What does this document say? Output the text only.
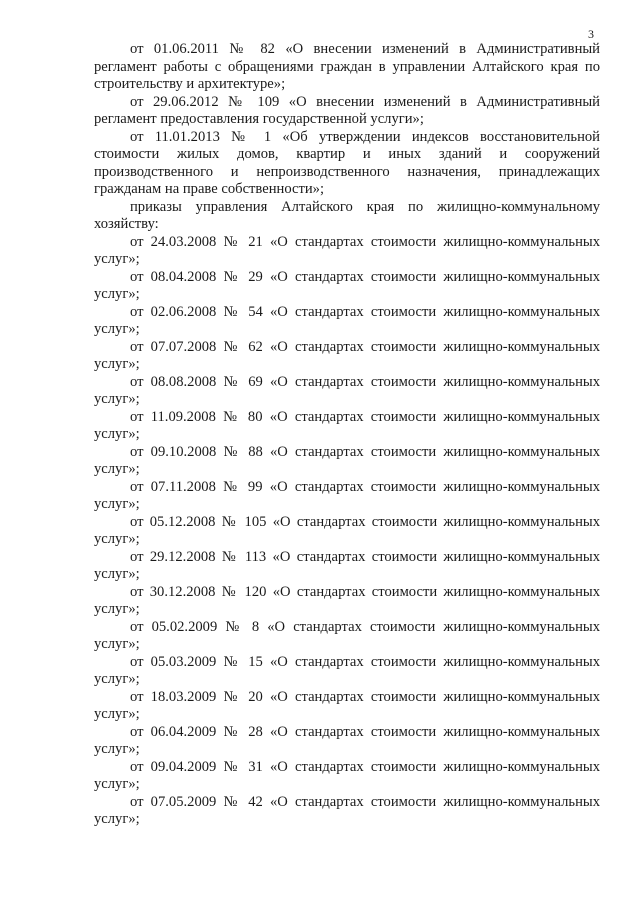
3

от 01.06.2011 № 82 «О внесении изменений в Административный регламент работы с обращениями граждан в управлении Алтайского края по строительству и архитектуре»;

от 29.06.2012 № 109 «О внесении изменений в Административный регламент предоставления государственной услуги»;

от 11.01.2013 № 1 «Об утверждении индексов восстановительной стоимости жилых домов, квартир и иных зданий и сооружений производственного и непроизводственного назначения, принадлежащих гражданам на праве собственности»;

приказы управления Алтайского края по жилищно-коммунальному хозяйству:

от 24.03.2008 № 21 «О стандартах стоимости жилищно-коммунальных услуг»;

от 08.04.2008 № 29 «О стандартах стоимости жилищно-коммунальных услуг»;

от 02.06.2008 № 54 «О стандартах стоимости жилищно-коммунальных услуг»;

от 07.07.2008 № 62 «О стандартах стоимости жилищно-коммунальных услуг»;

от 08.08.2008 № 69 «О стандартах стоимости жилищно-коммунальных услуг»;

от 11.09.2008 № 80 «О стандартах стоимости жилищно-коммунальных услуг»;

от 09.10.2008 № 88 «О стандартах стоимости жилищно-коммунальных услуг»;

от 07.11.2008 № 99 «О стандартах стоимости жилищно-коммунальных услуг»;

от 05.12.2008 № 105 «О стандартах стоимости жилищно-коммунальных услуг»;

от 29.12.2008 № 113 «О стандартах стоимости жилищно-коммунальных услуг»;

от 30.12.2008 № 120 «О стандартах стоимости жилищно-коммунальных услуг»;

от 05.02.2009 № 8 «О стандартах стоимости жилищно-коммунальных услуг»;

от 05.03.2009 № 15 «О стандартах стоимости жилищно-коммунальных услуг»;

от 18.03.2009 № 20 «О стандартах стоимости жилищно-коммунальных услуг»;

от 06.04.2009 № 28 «О стандартах стоимости жилищно-коммунальных услуг»;

от 09.04.2009 № 31 «О стандартах стоимости жилищно-коммунальных услуг»;

от 07.05.2009 № 42 «О стандартах стоимости жилищно-коммунальных услуг»;
